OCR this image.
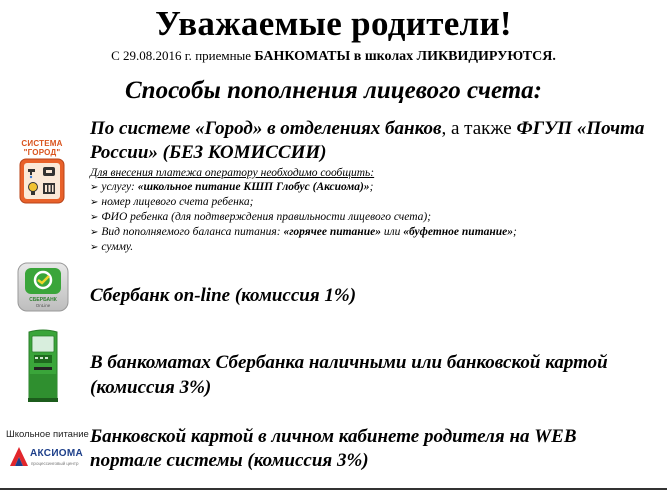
Уважаемые родители!
С 29.08.2016 г. приемные БАНКОМАТЫ в школах ЛИКВИДИРУЮТСЯ.
Способы пополнения лицевого счета:
СИСТЕМА
"ГОРОД"
По системе «Город» в отделениях банков, а также ФГУП «Почта России» (БЕЗ КОМИССИИ)
Для внесения платежа оператору необходимо сообщить:
➢ услугу: «школьное питание КШП Глобус (Аксиома)»;
➢ номер лицевого счета ребенка;
➢ ФИО ребенка (для подтверждения правильности лицевого счета);
➢ Вид пополняемого баланса питания: «горячее питание» или «буфетное питание»;
➢ сумму.
СБЕРБАНК
OnLine Сбербанк on-line (комиссия 1%)
В банкоматах Сбербанка наличными или банковской картой (комиссия 3%)
Школьное питание
АКСИОМА
процессинговый центр
Банковской картой в личном кабинете родителя на WEB портале системы (комиссия 3%)
